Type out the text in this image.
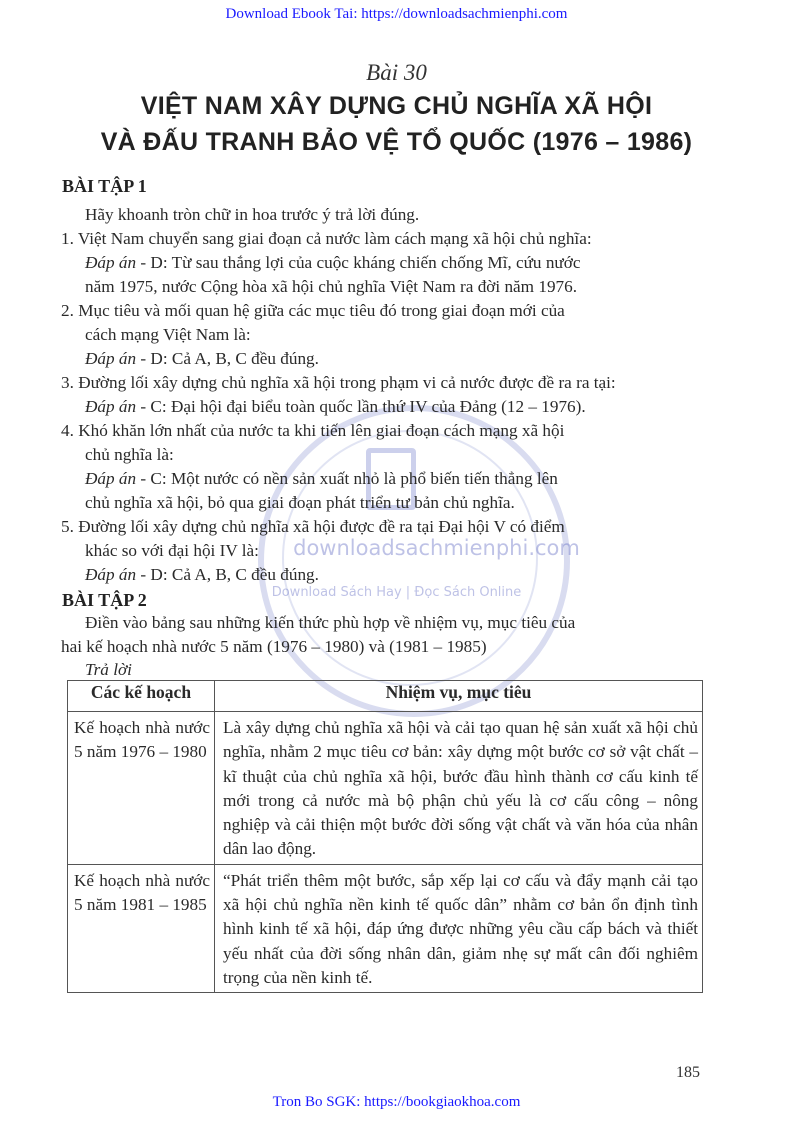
Download Ebook Tai: https://downloadsachmienphi.com
Bài 30
VIỆT NAM XÂY DỰNG CHỦ NGHĨA XÃ HỘI
VÀ ĐẤU TRANH BẢO VỆ TỔ QUỐC (1976 – 1986)
downloadsachmienphi.com
Download Sách Hay | Đọc Sách Online
BÀI TẬP 1
Hãy khoanh tròn chữ in hoa trước ý trả lời đúng.
1. Việt Nam chuyển sang giai đoạn cả nước làm cách mạng xã hội chủ nghĩa:
Đáp án - D: Từ sau thắng lợi của cuộc kháng chiến chống Mĩ, cứu nước
năm 1975, nước Cộng hòa xã hội chủ nghĩa Việt Nam ra đời năm 1976.
2. Mục tiêu và mối quan hệ giữa các mục tiêu đó trong giai đoạn mới của
cách mạng Việt Nam là:
Đáp án - D: Cả A, B, C đều đúng.
3. Đường lối xây dựng chủ nghĩa xã hội trong phạm vi cả nước được đề ra ra tại:
Đáp án - C: Đại hội đại biểu toàn quốc lần thứ IV của Đảng (12 – 1976).
4. Khó khăn lớn nhất của nước ta khi tiến lên giai đoạn cách mạng xã hội
chủ nghĩa là:
Đáp án - C: Một nước có nền sản xuất nhỏ là phổ biến tiến thẳng lên
chủ nghĩa xã hội, bỏ qua giai đoạn phát triển tư bản chủ nghĩa.
5. Đường lối xây dựng chủ nghĩa xã hội được đề ra tại Đại hội V có điểm
khác so với đại hội IV là:
Đáp án - D: Cả A, B, C đều đúng.
BÀI TẬP 2
Điền vào bảng sau những kiến thức phù hợp về nhiệm vụ, mục tiêu của
hai kế hoạch nhà nước 5 năm (1976 – 1980) và (1981 – 1985)
Trả lời
Các kế hoạch	Nhiệm vụ, mục tiêu
Kế hoạch nhà nước 5 năm 1976 – 1980	Là xây dựng chủ nghĩa xã hội và cải tạo quan hệ sản xuất xã hội chủ nghĩa, nhằm 2 mục tiêu cơ bản: xây dựng một bước cơ sở vật chất – kĩ thuật của chủ nghĩa xã hội, bước đầu hình thành cơ cấu kinh tế mới trong cả nước mà bộ phận chủ yếu là cơ cấu công – nông nghiệp và cải thiện một bước đời sống vật chất và văn hóa của nhân dân lao động.
Kế hoạch nhà nước 5 năm 1981 – 1985	“Phát triển thêm một bước, sắp xếp lại cơ cấu và đẩy mạnh cải tạo xã hội chủ nghĩa nền kinh tế quốc dân” nhằm cơ bản ổn định tình hình kinh tế xã hội, đáp ứng được những yêu cầu cấp bách và thiết yếu nhất của đời sống nhân dân, giảm nhẹ sự mất cân đối nghiêm trọng của nền kinh tế.
185
Tron Bo SGK: https://bookgiaokhoa.com
